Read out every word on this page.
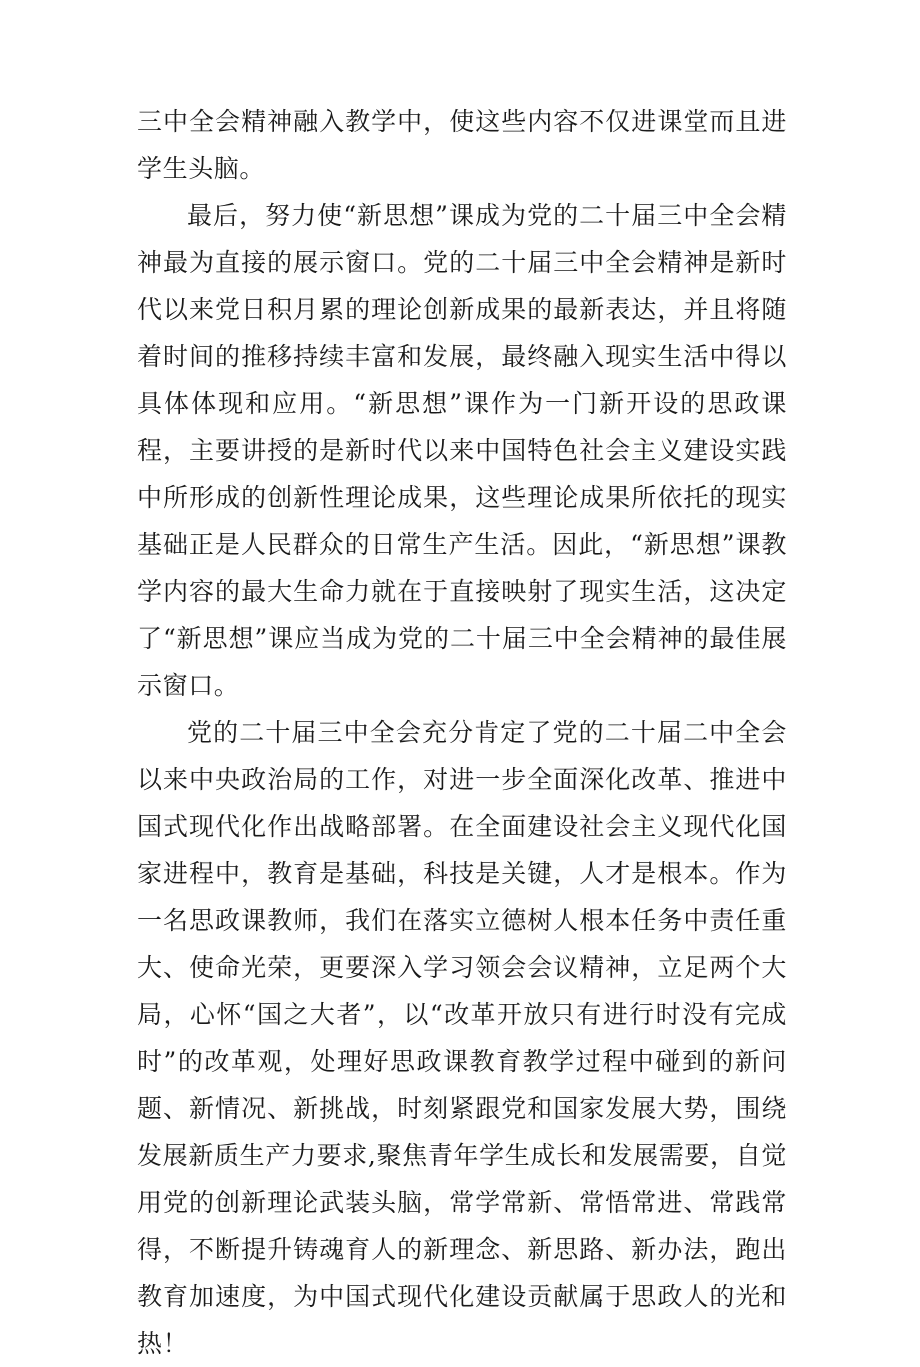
三中全会精神融入教学中，使这些内容不仅进课堂而且进学生头脑。

最后，努力使“新思想”课成为党的二十届三中全会精神最为直接的展示窗口。党的二十届三中全会精神是新时代以来党日积月累的理论创新成果的最新表达，并且将随着时间的推移持续丰富和发展，最终融入现实生活中得以具体体现和应用。“新思想”课作为一门新开设的思政课程，主要讲授的是新时代以来中国特色社会主义建设实践中所形成的创新性理论成果，这些理论成果所依托的现实基础正是人民群众的日常生产生活。因此，“新思想”课教学内容的最大生命力就在于直接映射了现实生活，这决定了“新思想”课应当成为党的二十届三中全会精神的最佳展示窗口。

党的二十届三中全会充分肯定了党的二十届二中全会以来中央政治局的工作，对进一步全面深化改革、推进中国式现代化作出战略部署。在全面建设社会主义现代化国家进程中，教育是基础，科技是关键，人才是根本。作为一名思政课教师，我们在落实立德树人根本任务中责任重大、使命光荣，更要深入学习领会会议精神，立足两个大局，心怀“国之大者”，以“改革开放只有进行时没有完成时”的改革观，处理好思政课教育教学过程中碰到的新问题、新情况、新挑战，时刻紧跟党和国家发展大势，围绕发展新质生产力要求,聚焦青年学生成长和发展需要，自觉用党的创新理论武装头脑，常学常新、常悟常进、常践常得，不断提升铸魂育人的新理念、新思路、新办法，跑出教育加速度，为中国式现代化建设贡献属于思政人的光和热！
